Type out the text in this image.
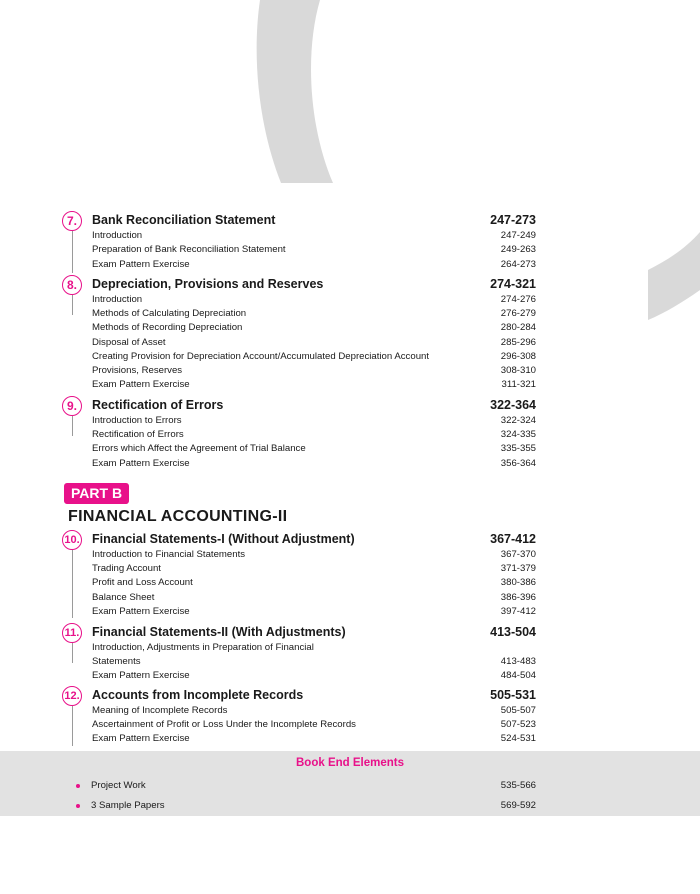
7.	Bank Reconciliation Statement	247-273
Introduction	247-249
Preparation of Bank Reconciliation Statement	249-263
Exam Pattern Exercise	264-273
8.	Depreciation, Provisions and Reserves	274-321
Introduction	274-276
Methods of Calculating Depreciation	276-279
Methods of Recording Depreciation	280-284
Disposal of Asset	285-296
Creating Provision for Depreciation Account/Accumulated Depreciation Account	296-308
Provisions, Reserves	308-310
Exam Pattern Exercise	311-321
9.	Rectification of Errors	322-364
Introduction to Errors	322-324
Rectification of Errors	324-335
Errors which Affect the Agreement of Trial Balance	335-355
Exam Pattern Exercise	356-364
PART B
FINANCIAL ACCOUNTING-II
10. Financial Statements-I (Without Adjustment)	367-412
Introduction to Financial Statements	367-370
Trading Account	371-379
Profit and Loss Account	380-386
Balance Sheet	386-396
Exam Pattern Exercise	397-412
11. Financial Statements-II (With Adjustments)	413-504
Introduction, Adjustments in Preparation of Financial
Statements	413-483
Exam Pattern Exercise	484-504
12. Accounts from Incomplete Records	505-531
Meaning of Incomplete Records	505-507
Ascertainment of Profit or Loss Under the Incomplete Records	507-523
Exam Pattern Exercise	524-531
Book End Elements
Project Work	535-566
3 Sample Papers	569-592
